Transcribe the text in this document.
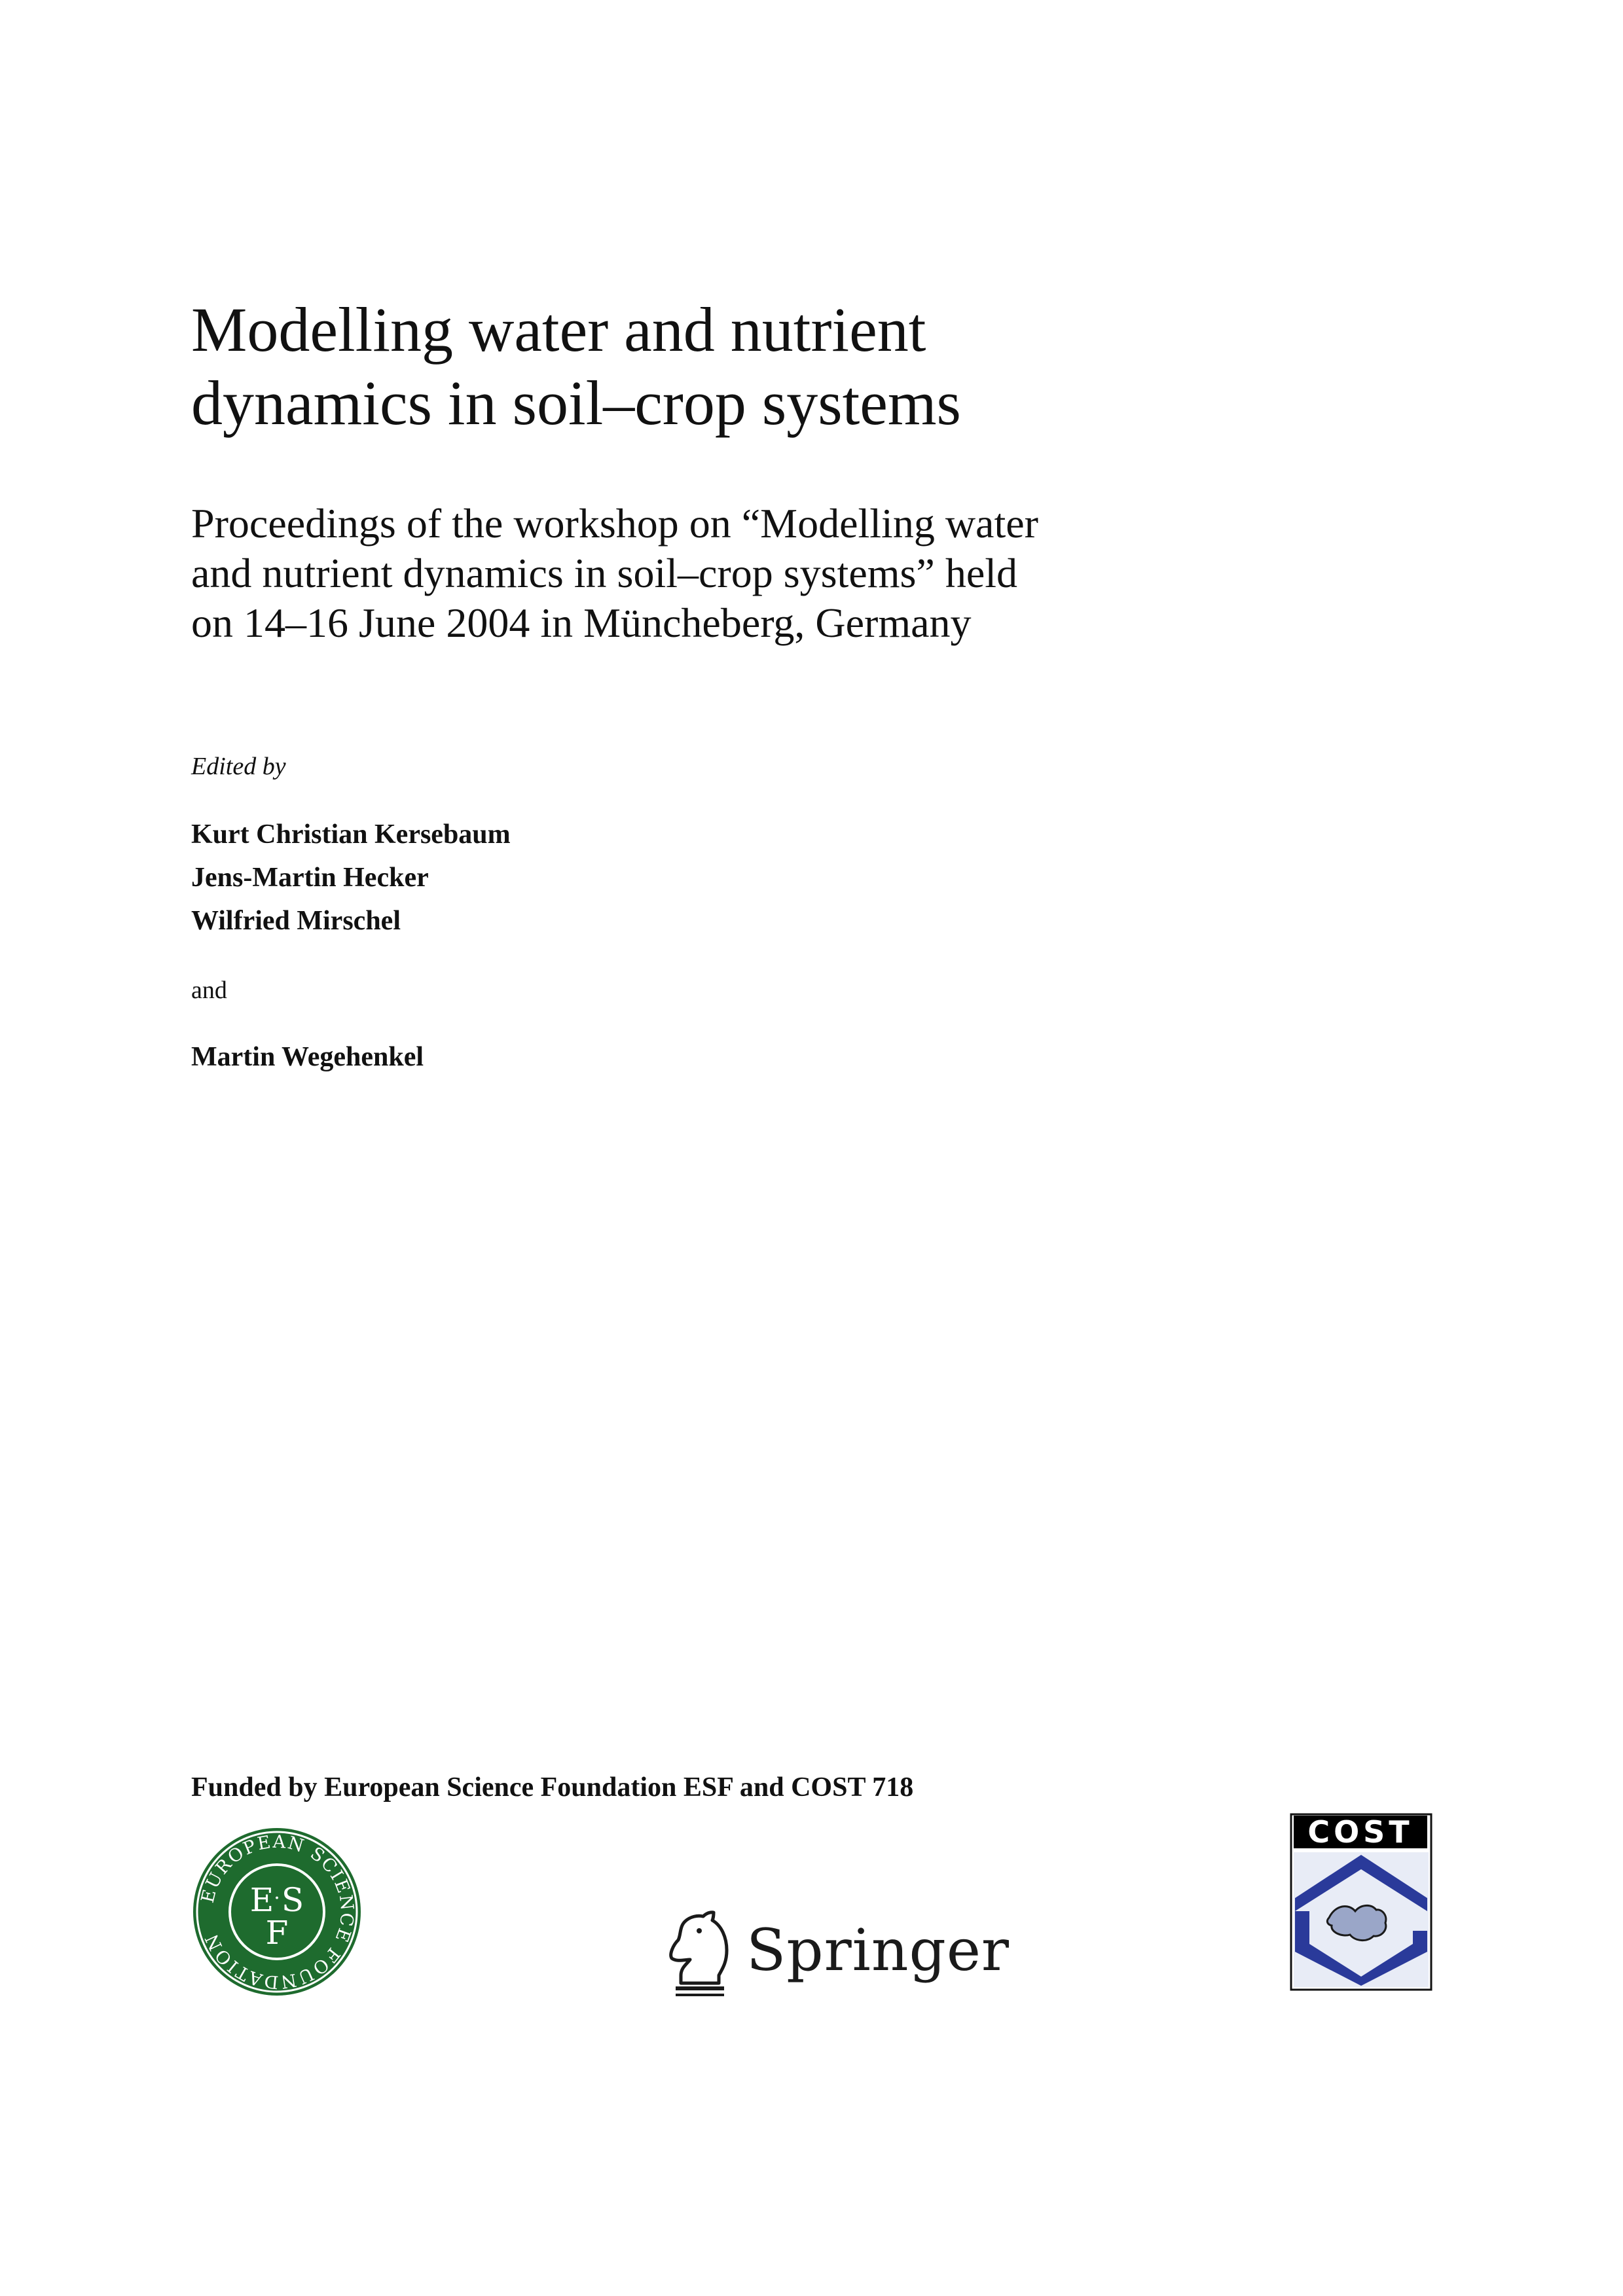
Modelling water and nutrient
dynamics in soil–crop systems
Proceedings of the workshop on “Modelling water
and nutrient dynamics in soil–crop systems” held
on 14–16 June 2004 in Müncheberg, Germany
Edited by
Kurt Christian Kersebaum
Jens-Martin Hecker
Wilfried Mirschel
and
Martin Wegehenkel
Funded by European Science Foundation ESF and COST 718
EUROPEAN SCIENCE FOUNDATION
E · S
F	Springer
COST
